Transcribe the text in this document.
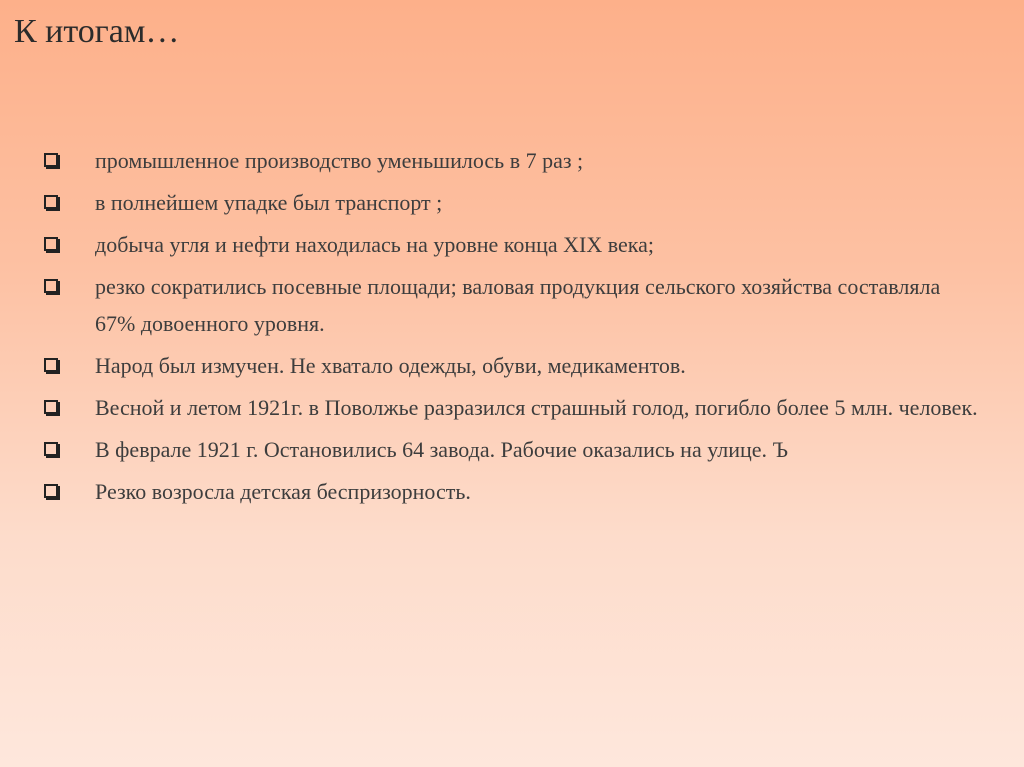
К итогам…
промышленное производство уменьшилось в 7 раз ;
в полнейшем упадке был транспорт ;
добыча угля и нефти находилась на уровне конца XIX века;
резко сократились посевные площади; валовая продукция сельского хозяйства составляла 67% довоенного уровня.
Народ был измучен. Не хватало одежды, обуви, медикаментов.
Весной и летом 1921г. в Поволжье разразился страшный голод, погибло более 5 млн. человек.
В феврале 1921 г. Остановились 64 завода. Рабочие оказались на улице. Ъ
Резко возросла детская беспризорность.
